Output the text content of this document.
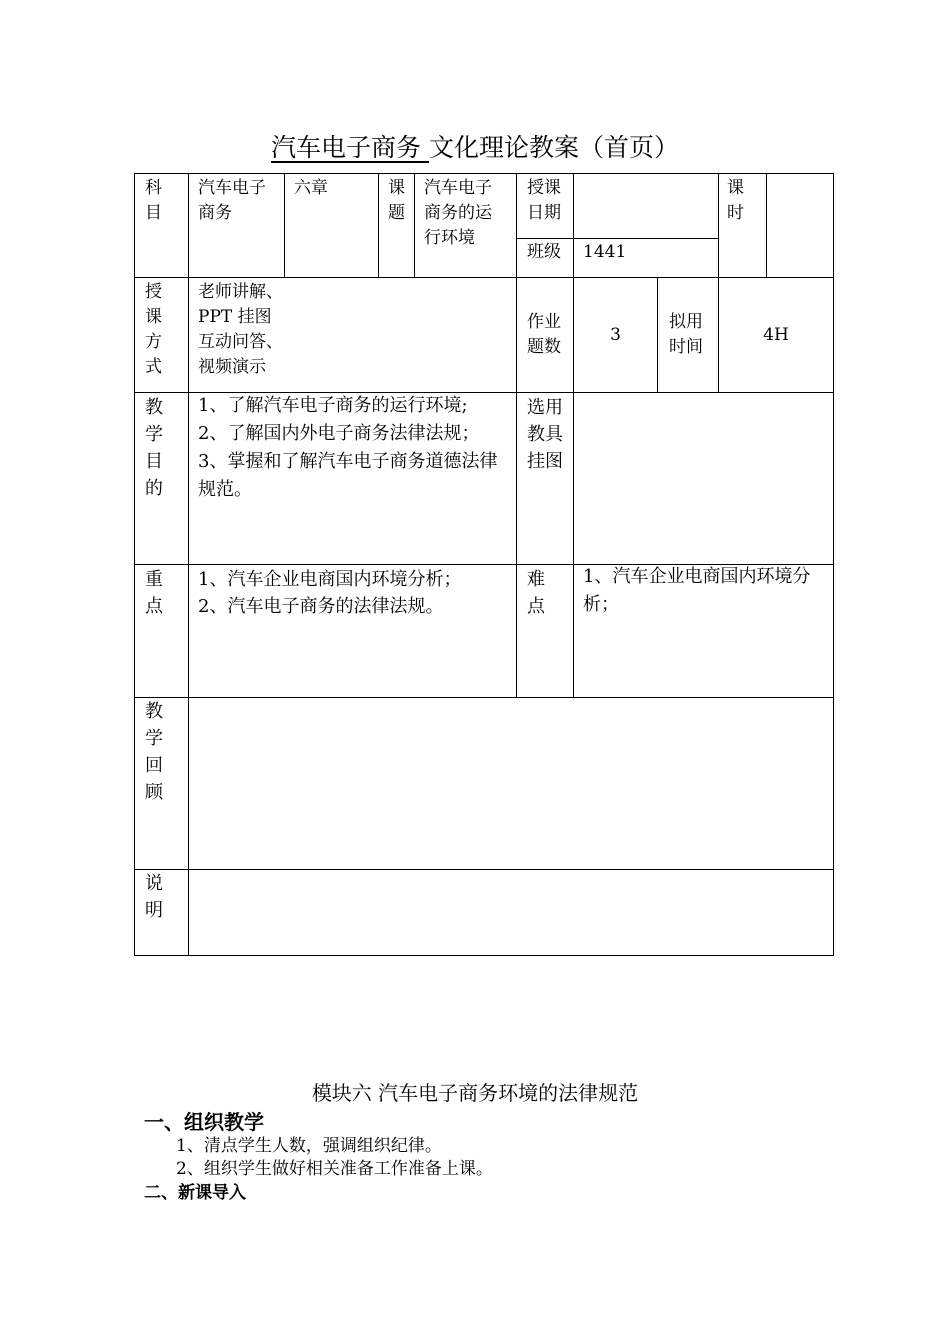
汽车电子商务 文化理论教案（首页）
科
目
汽车电子
商务
六章	课
题
汽车电子
商务的运
行环境
授课
日期
课
时
班级 1441
授
课
方
式
老师讲解、
PPT 挂图
互动问答、
视频演示
作业
题数
3
拟用
时间
4H
教
学
目
的
1、了解汽车电子商务的运行环境;
2、了解国内外电子商务法律法规；
3、掌握和了解汽车电子商务道德法律规范。
选用
教具
挂图
重
点
1、汽车企业电商国内环境分析；
2、汽车电子商务的法律法规。
难
点
1、汽车企业电商国内环境分析；
教
学
回
顾
说
明
模块六 汽车电子商务环境的法律规范
一、组织教学
1、清点学生人数，强调组织纪律。
2、组织学生做好相关准备工作准备上课。
二、新课导入
